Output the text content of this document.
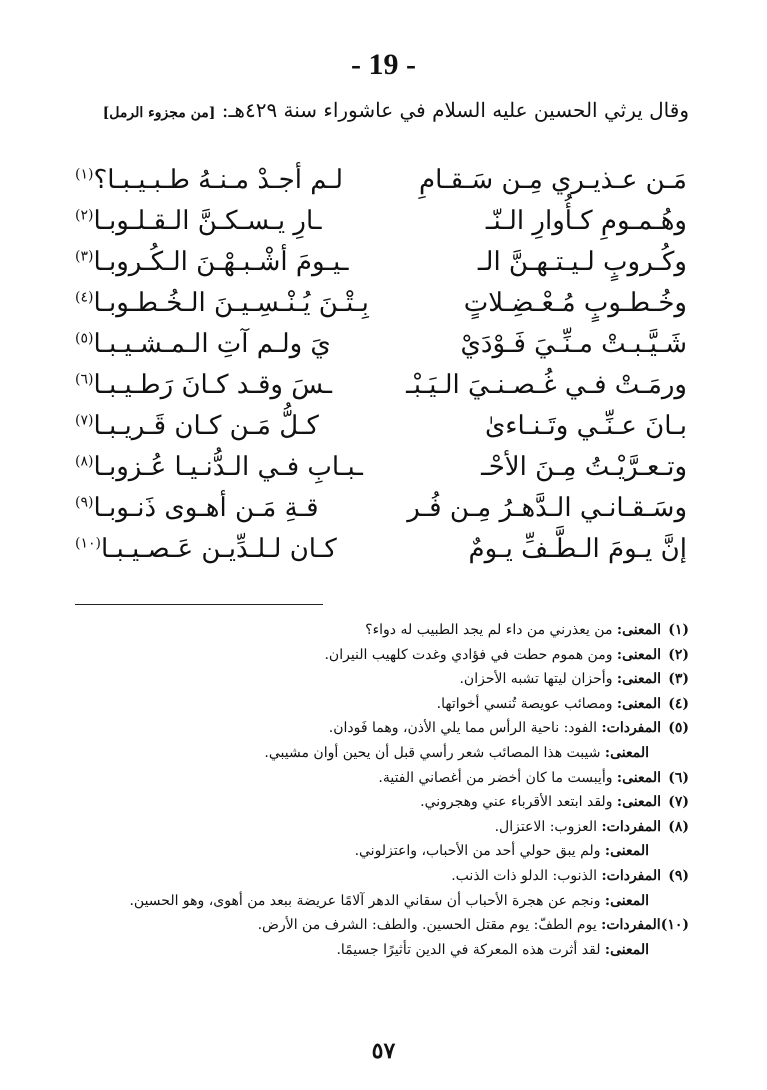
- 19 -
وقال يرثي الحسين عليه السلام في عاشوراء سنة ٤٢٩هـ: [من مجزوء الرمل]
مَـن عـذيـري مِـن سَـقـامِ
لـم أجـدْ مـنـهُ طـبـيـبـا؟$^{(١)}$
وهُـمـومِ كـأُوارِ الـنّـ
ـارِ يـسـكـنَّ الـقـلـوبـا$^{(٢)}$
وكُـروبٍ لـيـتـهـنَّ الـ
ـيـومَ أشْـبـهْـنَ الـكُـروبـا$^{(٣)}$
وخُـطـوبٍ مُـعْـضِـلاتٍ
بِـتْـنَ يُـنْـسِـيـنَ الـخُـطـوبـا$^{(٤)}$
شَـيَّـبـتْ مـنِّـيَ فَـوْدَيْ
يَ ولـم آتِ الـمـشـيـبـا$^{(٥)}$
ورمَـتْ فـي غُـصـنـيَ الـيَـبْـ
ـسَ وقـد كـانَ رَطـيـبـا$^{(٦)}$
بـانَ عـنِّـي وتَـنـاءىٰ
كـلُّ مَـن كـان قَـريـبـا$^{(٧)}$
وتـعـرَّيْـتُ مِـنَ الأحْـ
ـبـابِ فـي الـدُّنـيـا عُـزوبـا$^{(٨)}$
وسَـقـانـي الـدَّهـرُ مِـن فُـر
قـةِ مَـن أهـوى ذَنـوبـا$^{(٩)}$
إنَّ يـومَ الـطَّـفِّ يـومٌ
كـان لـلـدِّيـن عَـصـيـبـا$^{(١٠)}$
(١)المعنى: من يعذرني من داء لم يجد الطبيب له دواء؟
(٢)المعنى: ومن هموم حطت في فؤادي وغدت كلهيب النيران.
(٣)المعنى: وأحزان ليتها تشبه الأحزان.
(٤)المعنى: ومصائب عويصة تُنسي أخواتها.
(٥)المفردات: الفود: ناحية الرأس مما يلي الأذن، وهما فَودان.
المعنى: شيبت هذا المصائب شعر رأسي قبل أن يحين أوان مشيبي.
(٦)المعنى: وأيبست ما كان أخضر من أغصاني الفتية.
(٧)المعنى: ولقد ابتعد الأقرباء عني وهجروني.
(٨)المفردات: العزوب: الاعتزال.
المعنى: ولم يبق حولي أحد من الأحباب، واعتزلوني.
(٩)المفردات: الذنوب: الدلو ذات الذنب.
المعنى: ونجم عن هجرة الأحباب أن سقاني الدهر آلامًا عريضة ببعد من أهوى، وهو الحسين.
(١٠)المفردات: يوم الطفّ: يوم مقتل الحسين. والطف: الشرف من الأرض.
المعنى: لقد أثرت هذه المعركة في الدين تأثيرًا جسيمًا.
٥٧
